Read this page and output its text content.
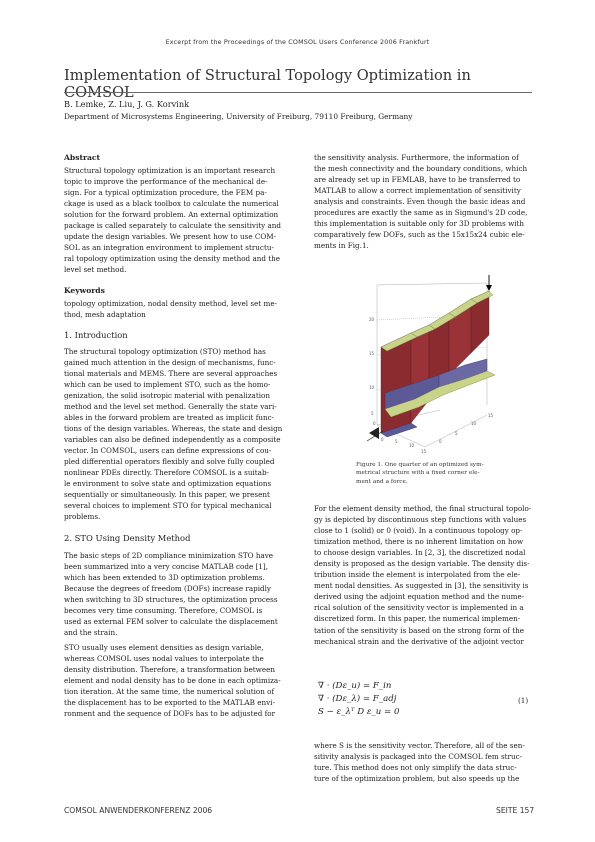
Excerpt from the Proceedings of the COMSOL Users Conference 2006 Frankfurt
Implementation of Structural Topology Optimization in COMSOL
B. Lemke, Z. Liu, J. G. Korvink
Department of Microsystems Engineering, University of Freiburg, 79110 Freiburg, Germany
Abstract
Structural topology optimization is an important research
topic to improve the performance of the mechanical de-
sign. For a typical optimization procedure, the FEM pa-
ckage is used as a black toolbox to calculate the numerical
solution for the forward problem. An external optimization
package is called separately to calculate the sensitivity and
update the design variables. We present how to use COM-
SOL as an integration environment to implement structu-
ral topology optimization using the density method and the
level set method.
Keywords
topology optimization, nodal density method, level set me-
thod, mesh adaptation
1. Introduction
The structural topology optimization (STO) method has
gained much attention in the design of mechanisms, func-
tional materials and MEMS. There are several approaches
which can be used to implement STO, such as the homo-
genization, the solid isotropic material with penalization
method and the level set method. Generally the state vari-
ables in the forward problem are treated as implicit func-
tions of the design variables. Whereas, the state and design
variables can also be defined independently as a composite
vector. In COMSOL, users can define expressions of cou-
pled differential operators flexibly and solve fully coupled
nonlinear PDEs directly. Therefore COMSOL is a suitab-
le environment to solve state and optimization equations
sequentially or simultaneously. In this paper, we present
several choices to implement STO for typical mechanical
problems.
2. STO Using Density Method
The basic steps of 2D compliance minimization STO have
been summarized into a very concise MATLAB code [1],
which has been extended to 3D optimization problems.
Because the degrees of freedom (DOFs) increase rapidly
when switching to 3D structures, the optimization process
becomes very time consuming. Therefore, COMSOL is
used as external FEM solver to calculate the displacement
and the strain.
STO usually uses element densities as design variable,
whereas COMSOL uses nodal values to interpolate the
density distribution. Therefore, a transformation between
element and nodal density has to be done in each optimiza-
tion iteration. At the same time, the numerical solution of
the displacement has to be exported to the MATLAB envi-
ronment and the sequence of DOFs has to be adjusted for
the sensitivity analysis. Furthermore, the information of
the mesh connectivity and the boundary conditions, which
are already set up in FEMLAB, have to be transferred to
MATLAB to allow a correct implementation of sensitivity
analysis and constraints. Even though the basic ideas and
procedures are exactly the same as in Sigmund's 2D code,
this implementation is suitable only for 3D problems with
comparatively few DOFs, such as the 15x15x24 cubic ele-
ments in Fig.1.
20
15
10
5
0
0	5
10
15
0
5
10
15
Figure 1. One quarter of an optimized sym-
metrical structure with a fixed corner ele-
ment and a force.
For the element density method, the final structural topolo-
gy is depicted by discontinuous step functions with values
close to 1 (solid) or 0 (void). In a continuous topology op-
timization method, there is no inherent limitation on how
to choose design variables. In [2, 3], the discretized nodal
density is proposed as the design variable. The density dis-
tribution inside the element is interpolated from the ele-
ment nodal densities. As suggested in [3], the sensitivity is
derived using the adjoint equation method and the nume-
rical solution of the sensitivity vector is implemented in a
discretized form. In this paper, the numerical implemen-
tation of the sensitivity is based on the strong form of the
mechanical strain and the derivative of the adjoint vector
∇ · (Dε_u) = F_in
∇ · (Dε_λ) = F_adj
S − ε_λᵀ D ε_u = 0
(1)
where S is the sensitivity vector. Therefore, all of the sen-
sitivity analysis is packaged into the COMSOL fem struc-
ture. This method does not only simplify the data struc-
ture of the optimization problem, but also speeds up the
COMSOL ANWENDERKONFERENZ 2006	SEITE 157
